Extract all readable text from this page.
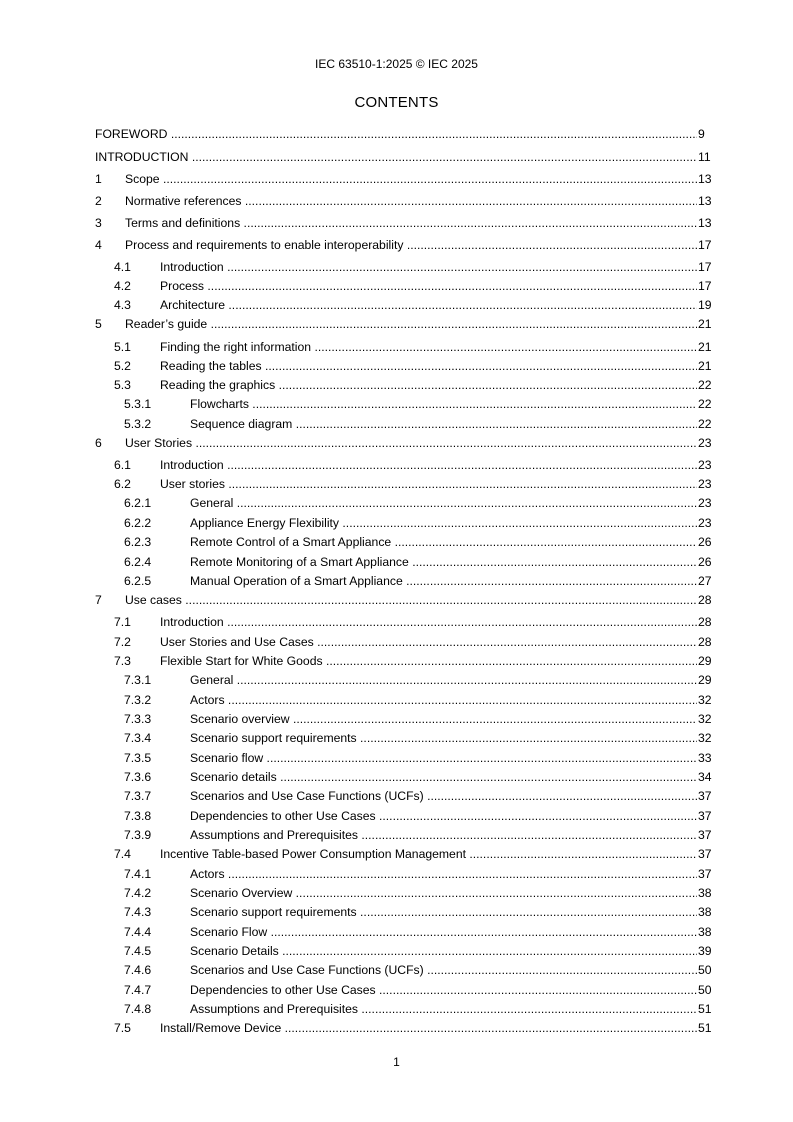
IEC 63510-1:2025 © IEC 2025
CONTENTS
FOREWORD .....	9
INTRODUCTION .....	11
1 Scope .....	13
2 Normative references .....	13
3 Terms and definitions .....	13
4 Process and requirements to enable interoperability .....	17
4.1 Introduction .....	17
4.2 Process .....	17
4.3 Architecture .....	19
5 Reader’s guide .....	21
5.1 Finding the right information .....	21
5.2 Reading the tables .....	21
5.3 Reading the graphics .....	22
5.3.1	Flowcharts .....	22
5.3.2	Sequence diagram .....	22
6 User Stories .....	23
6.1 Introduction .....	23
6.2 User stories .....	23
6.2.1	General .....	23
6.2.2	Appliance Energy Flexibility .....	23
6.2.3	Remote Control of a Smart Appliance .....	26
6.2.4	Remote Monitoring of a Smart Appliance .....	26
6.2.5	Manual Operation of a Smart Appliance .....	27
7 Use cases .....	28
7.1 Introduction .....	28
7.2 User Stories and Use Cases .....	28
7.3 Flexible Start for White Goods .....	29
7.3.1	General .....	29
7.3.2	Actors .....	32
7.3.3	Scenario overview .....	32
7.3.4	Scenario support requirements .....	32
7.3.5	Scenario flow .....	33
7.3.6	Scenario details .....	34
7.3.7	Scenarios and Use Case Functions (UCFs) .....	37
7.3.8	Dependencies to other Use Cases .....	37
7.3.9	Assumptions and Prerequisites .....	37
7.4 Incentive Table-based Power Consumption Management .....	37
7.4.1	Actors .....	37
7.4.2	Scenario Overview .....	38
7.4.3	Scenario support requirements .....	38
7.4.4	Scenario Flow .....	38
7.4.5	Scenario Details .....	39
7.4.6	Scenarios and Use Case Functions (UCFs) .....	50
7.4.7	Dependencies to other Use Cases .....	50
7.4.8	Assumptions and Prerequisites .....	51
7.5 Install/Remove Device .....	51
1
